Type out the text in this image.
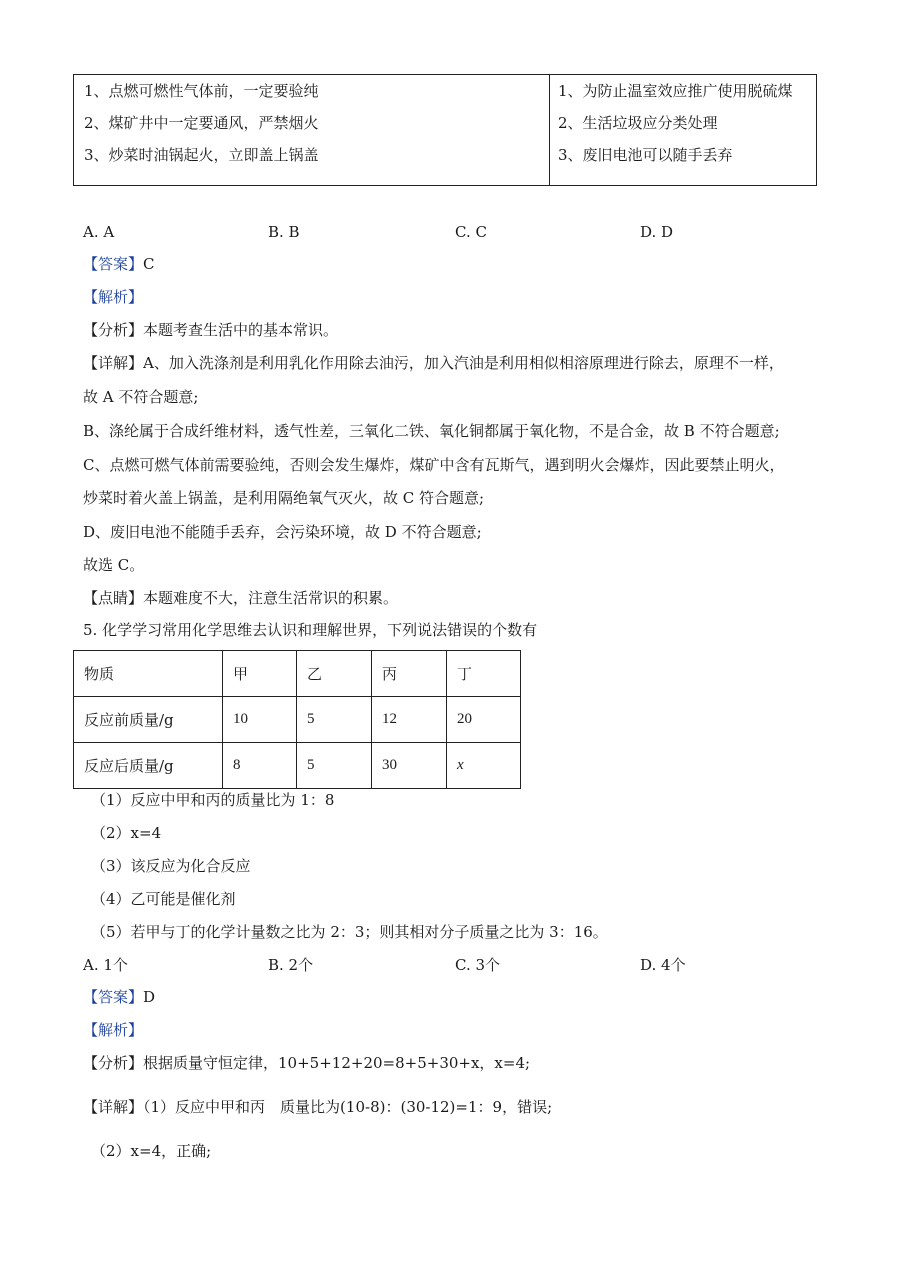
1、点燃可燃性气体前，一定要验纯
2、煤矿井中一定要通风，严禁烟火
3、炒菜时油锅起火，立即盖上锅盖

1、为防止温室效应推广使用脱硫煤
2、生活垃圾应分类处理
3、废旧电池可以随手丢弃
A. A	B. B	C. C	D. D
【答案】C
【解析】
【分析】本题考查生活中的基本常识。
【详解】A、加入洗涤剂是利用乳化作用除去油污，加入汽油是利用相似相溶原理进行除去，原理不一样，
故 A 不符合题意;
B、涤纶属于合成纤维材料，透气性差，三氧化二铁、氧化铜都属于氧化物，不是合金，故 B 不符合题意;
C、点燃可燃气体前需要验纯，否则会发生爆炸，煤矿中含有瓦斯气，遇到明火会爆炸，因此要禁止明火，
炒菜时着火盖上锅盖，是利用隔绝氧气灭火，故 C 符合题意;
D、废旧电池不能随手丢弃，会污染环境，故 D 不符合题意;
故选 C。
【点睛】本题难度不大，注意生活常识的积累。
5. 化学学习常用化学思维去认识和理解世界，下列说法错误的个数有
物质	甲	乙	丙	丁
反应前质量/g	10	5	12	20
反应后质量/g	8	5	30	x
（1）反应中甲和丙的质量比为 1：8
（2）x=4
（3）该反应为化合反应
（4）乙可能是催化剂
（5）若甲与丁的化学计量数之比为 2：3；则其相对分子质量之比为 3：16。
A. 1个	B. 2个	C. 3个	D. 4个
【答案】D
【解析】
【分析】根据质量守恒定律，10+5+12+20=8+5+30+x，x=4;
【详解】（1）反应中甲和丙　质量比为(10-8)：(30-12)=1：9，错误;
（2）x=4，正确;
